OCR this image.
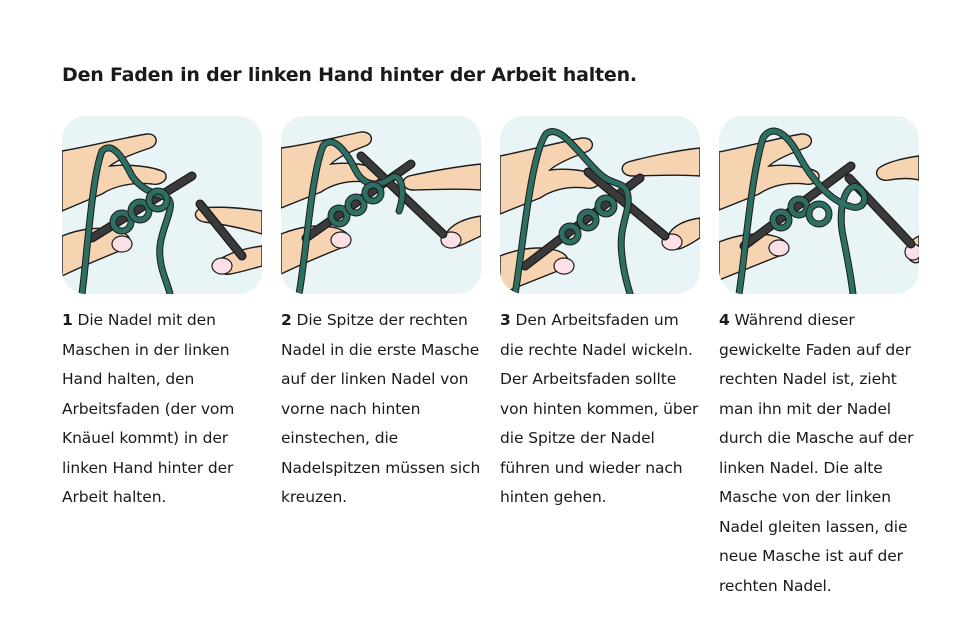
Den Faden in der linken Hand hinter der Arbeit halten.
1 Die Nadel mit den Maschen in der linken Hand halten, den Arbeitsfaden (der vom Knäuel kommt) in der linken Hand hinter der Arbeit halten.
2 Die Spitze der rechten Nadel in die erste Masche auf der linken Nadel von vorne nach hinten einstechen, die Nadelspitzen müssen sich kreuzen.
3 Den Arbeitsfaden um die rechte Nadel wickeln. Der Arbeitsfaden sollte von hinten kommen, über die Spitze der Nadel führen und wieder nach hinten gehen.
4 Während dieser gewickelte Faden auf der rechten Nadel ist, zieht man ihn mit der Nadel durch die Masche auf der linken Nadel. Die alte Masche von der linken Nadel gleiten lassen, die neue Masche ist auf der rechten Nadel.
